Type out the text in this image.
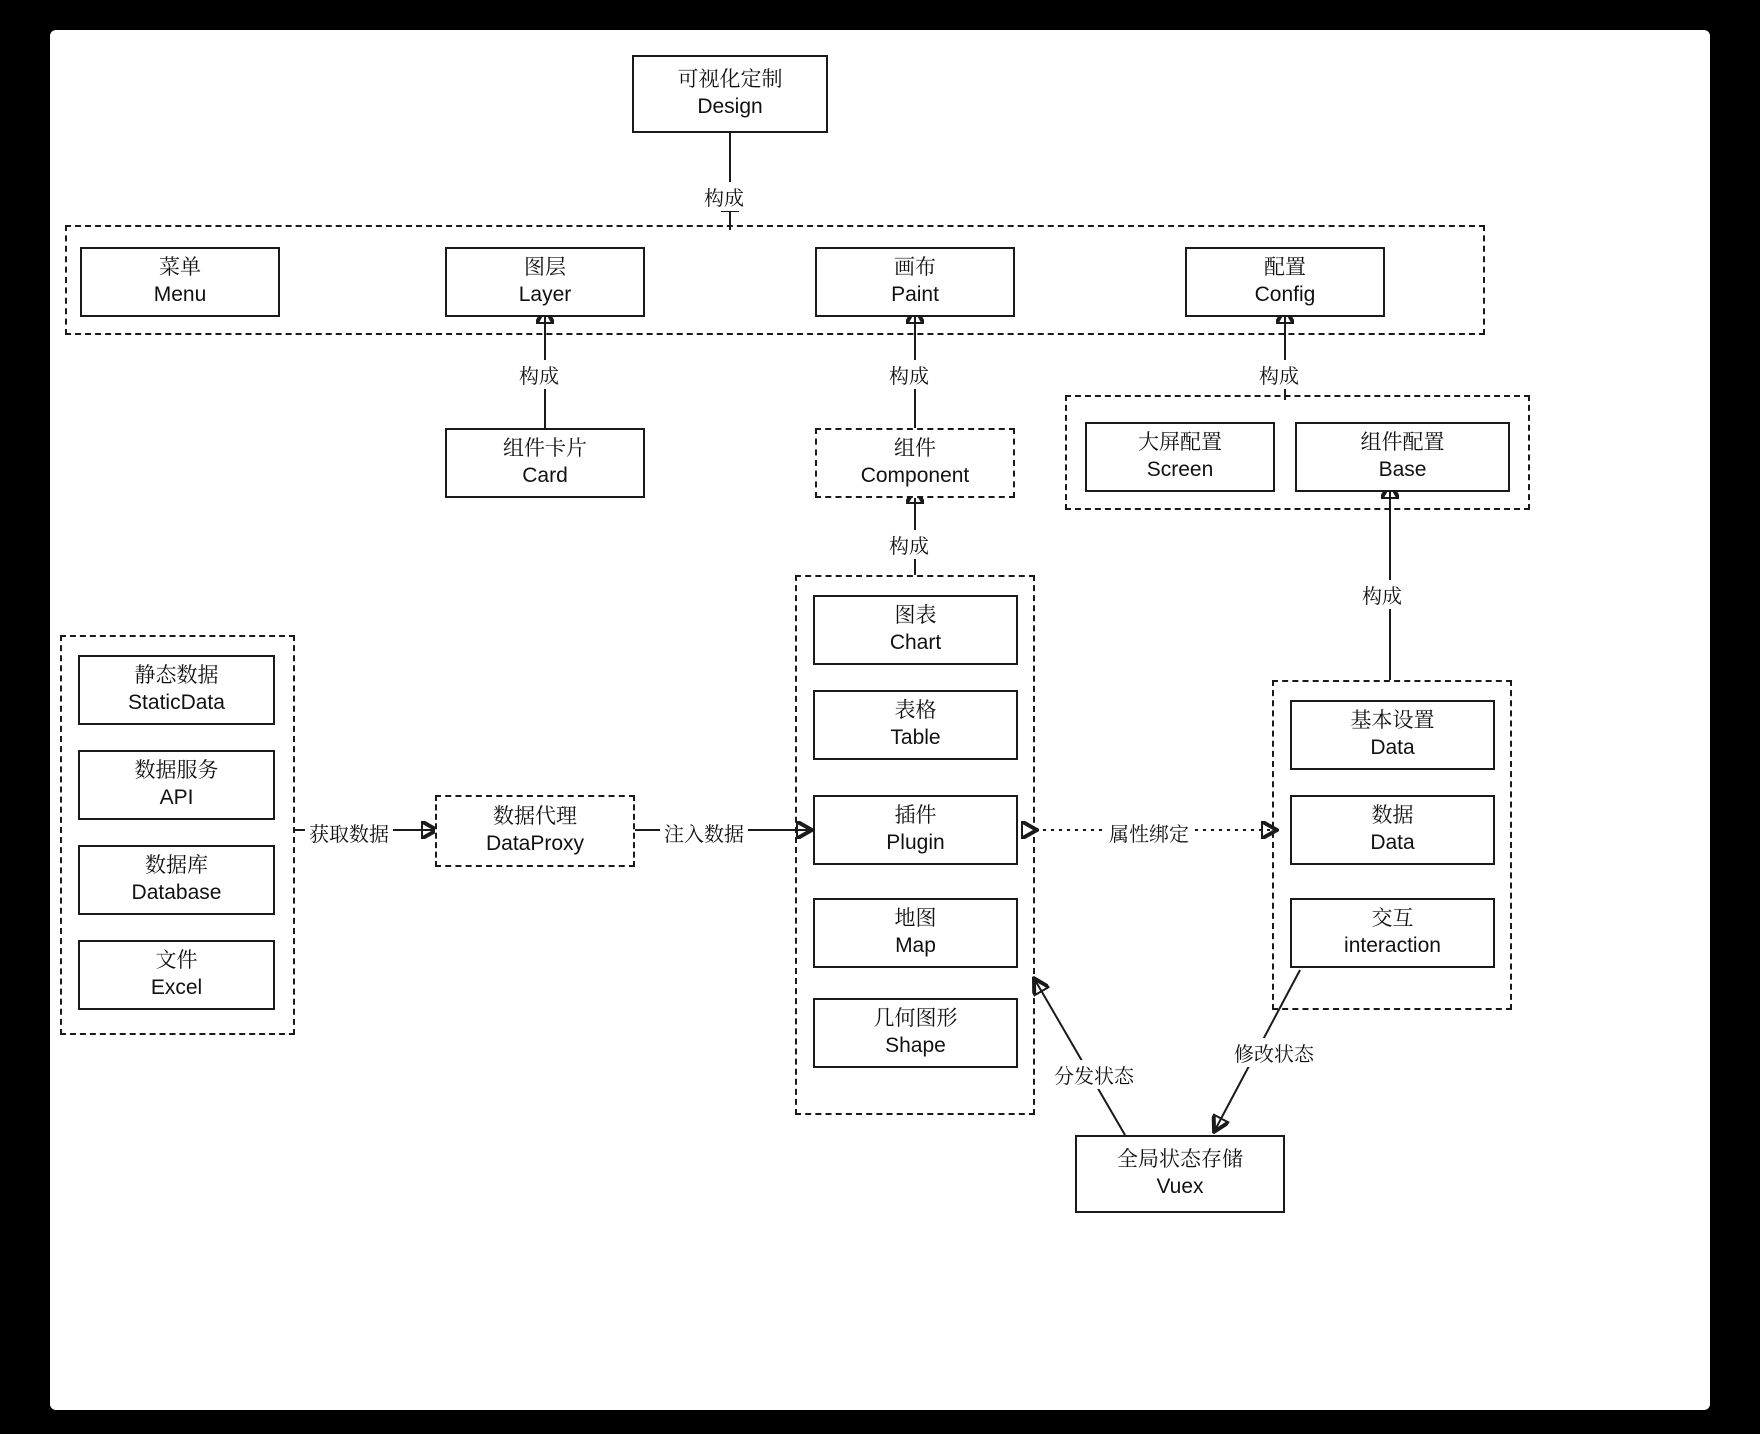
可视化定制
Design
构成
菜单
Menu
图层
Layer
画布
Paint
配置
Config
构成	构成	构成
组件卡片
Card
组件
Component
构成
大屏配置
Screen
组件配置
Base
构成
图表
Chart
表格
Table
插件
Plugin
地图
Map
几何图形
Shape
静态数据
StaticData
数据服务
API
数据库
Database
文件
Excel
获取数据
数据代理
DataProxy	注入数据	属性绑定
基本设置
Data
数据
Data
交互
interaction
分发状态
修改状态
全局状态存储
Vuex
